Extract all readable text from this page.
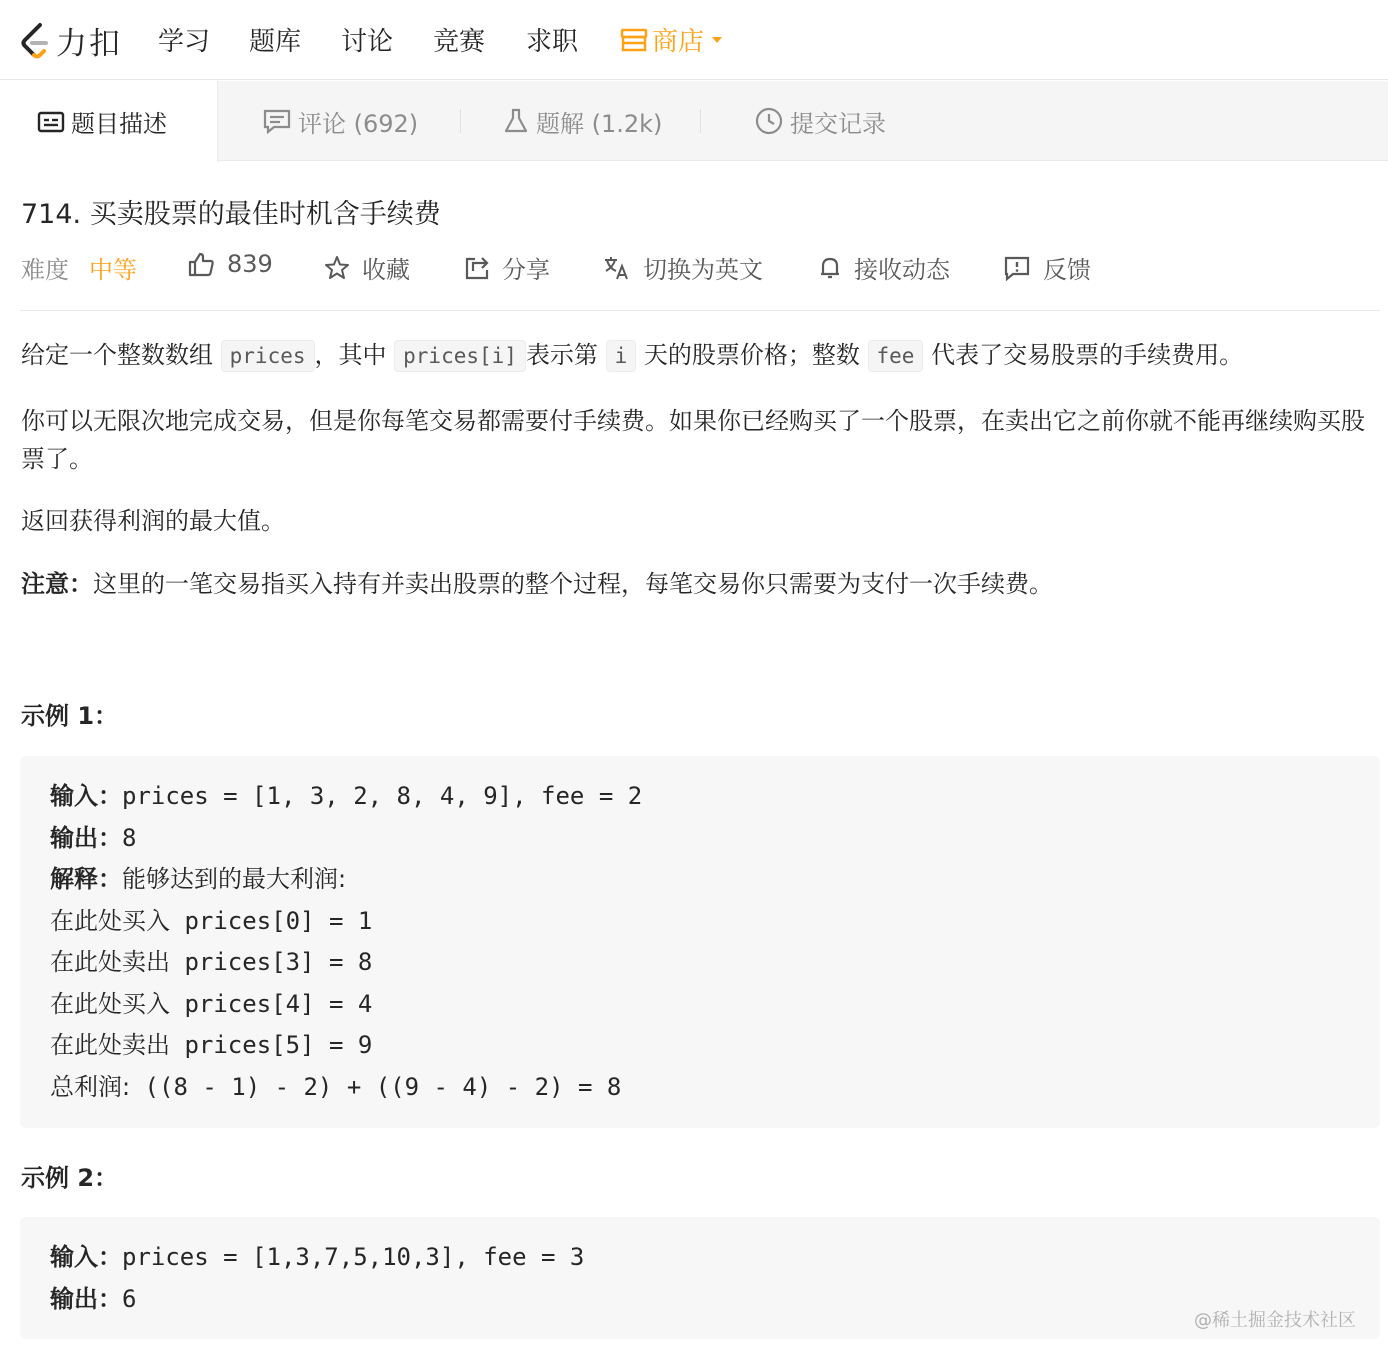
力扣 学习 题库 讨论 竞赛 求职	商店
题目描述	评论 (692)	题解 (1.2k)	提交记录
714. 买卖股票的最佳时机含手续费
难度 中等	839	收藏	分享	切换为英文	接收动态	反馈
给定一个整数数组 prices ，其中 prices[i] 表示第 i 天的股票价格；整数 fee 代表了交易股票的手续费用。
你可以无限次地完成交易，但是你每笔交易都需要付手续费。如果你已经购买了一个股票，在卖出它之前你就不能再继续购买股票了。
返回获得利润的最大值。
注意：这里的一笔交易指买入持有并卖出股票的整个过程，每笔交易你只需要为支付一次手续费。
示例 1：
输入：prices = [1, 3, 2, 8, 4, 9], fee = 2
输出：8
解释：能够达到的最大利润:
在此处买入 prices[0] = 1
在此处卖出 prices[3] = 8
在此处买入 prices[4] = 4
在此处卖出 prices[5] = 9
总利润: ((8 - 1) - 2) + ((9 - 4) - 2) = 8
示例 2：
输入：prices = [1,3,7,5,10,3], fee = 3
输出：6
@稀土掘金技术社区
